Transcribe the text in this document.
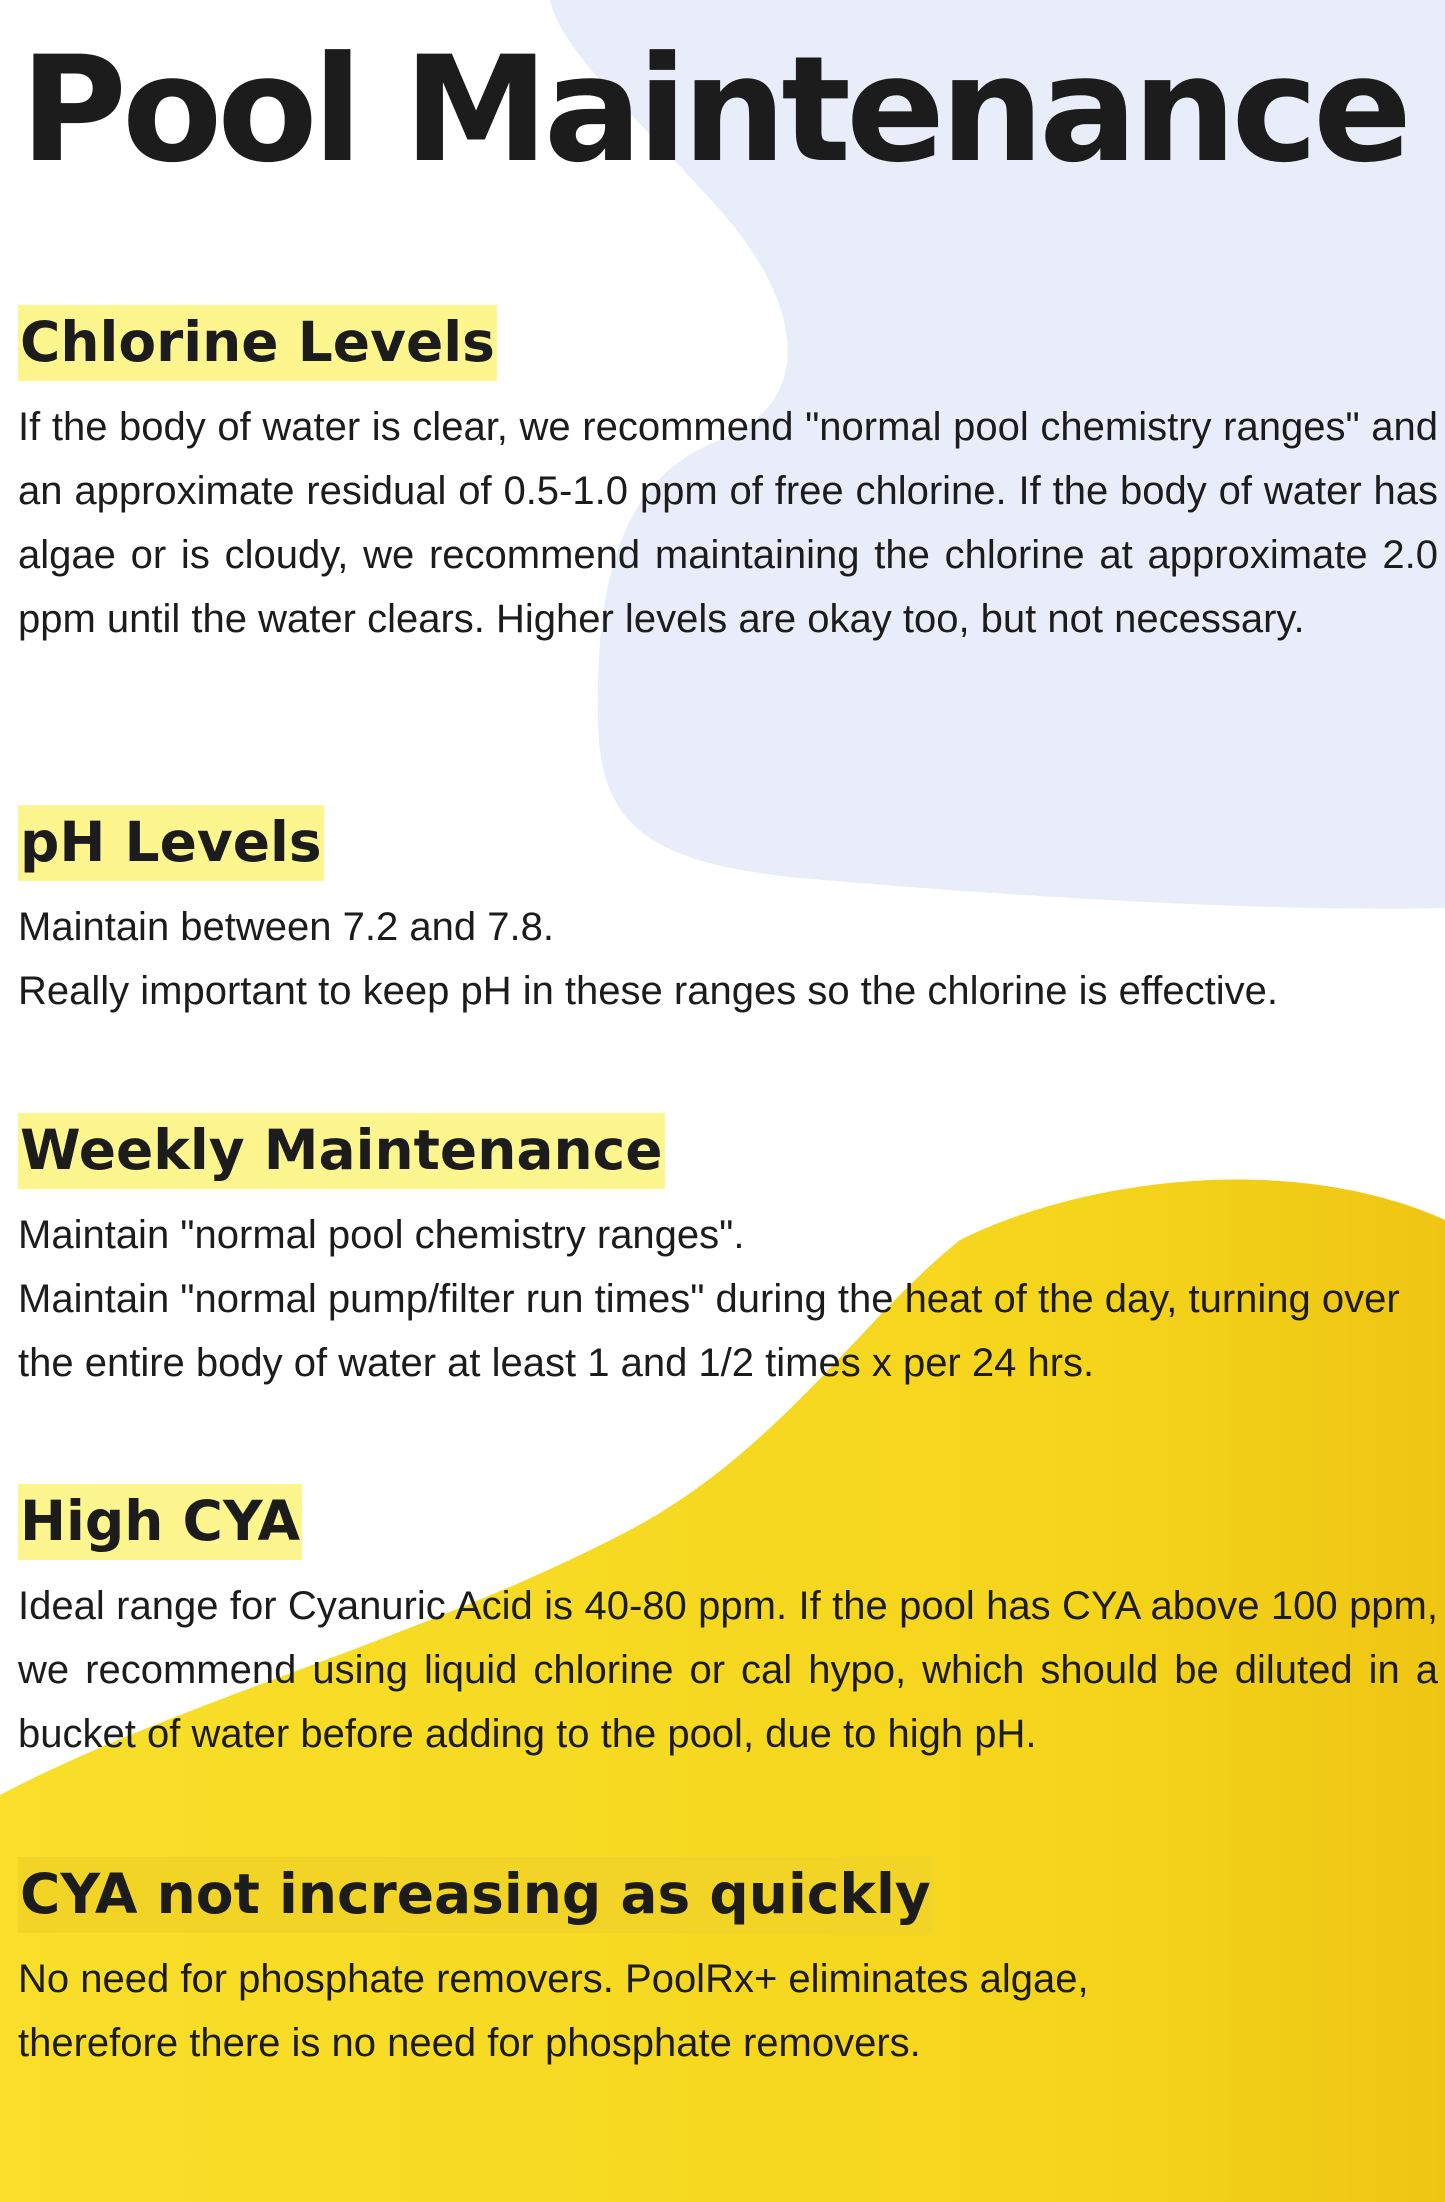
Pool Maintenance
Chlorine Levels

If the body of water is clear, we recommend "normal pool chemistry ranges" and an approximate residual of 0.5-1.0 ppm of free chlorine. If the body of water has algae or is cloudy, we recommend maintaining the chlorine at approximate 2.0 ppm until the water clears. Higher levels are okay too, but not necessary.

pH Levels
Maintain between 7.2 and 7.8.
Really important to keep pH in these ranges so the chlorine is effective.
Weekly Maintenance
Maintain "normal pool chemistry ranges".
Maintain "normal pump/filter run times" during the heat of the day, turning over the entire body of water at least 1 and 1/2 times x per 24 hrs.
High CYA

Ideal range for Cyanuric Acid is 40-80 ppm. If the pool has CYA above 100 ppm, we recommend using liquid chlorine or cal hypo, which should be diluted in a bucket of water before adding to the pool, due to high pH.

CYA not increasing as quickly

No need for phosphate removers. PoolRx+ eliminates algae, therefore there is no need for phosphate removers.
